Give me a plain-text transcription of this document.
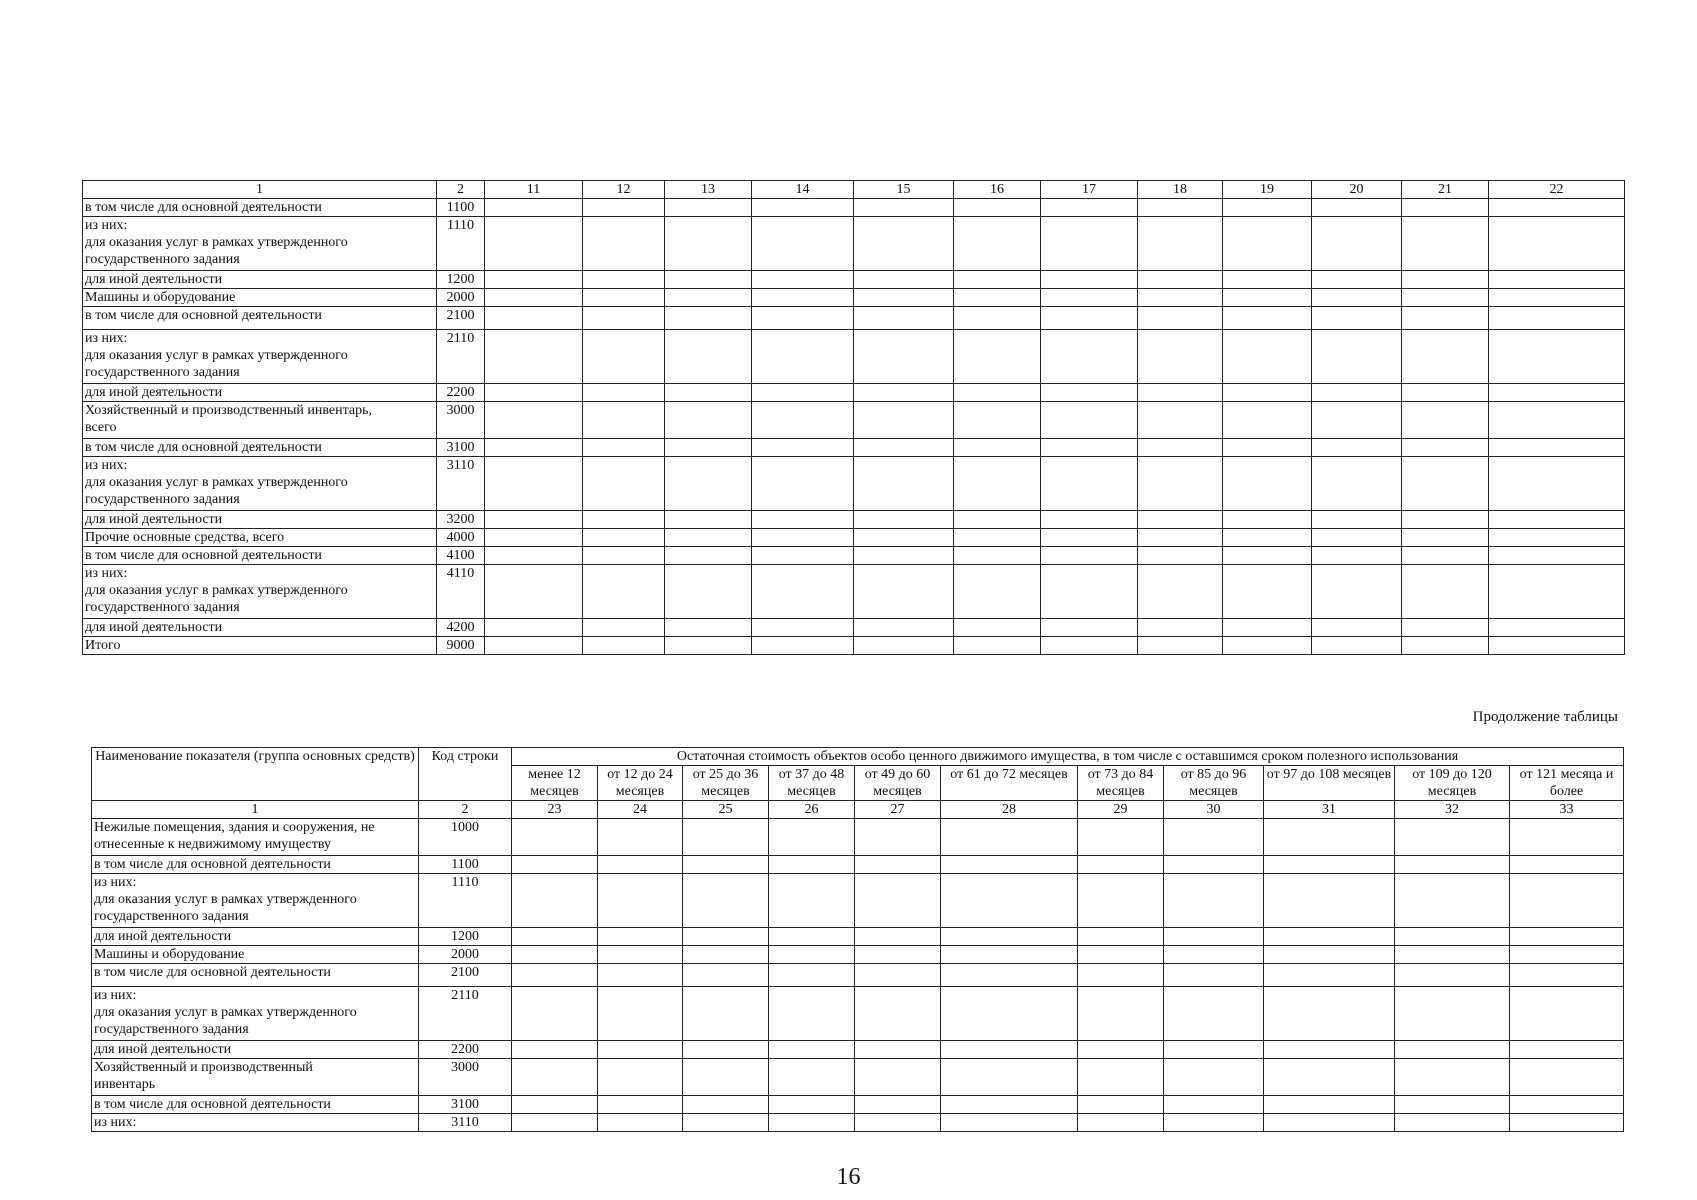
1	2	11	12	13	14	15	16	17	18	19	20	21	22
в том числе для основной деятельности	1100												
из них:
для оказания услуг в рамках утвержденного
государственного задания	1110												
для иной деятельности	1200												
Машины и оборудование	2000												
в том числе для основной деятельности	2100												
из них:
для оказания услуг в рамках утвержденного
государственного задания	2110												
для иной деятельности	2200												
Хозяйственный и производственный инвентарь,
всего	3000												
в том числе для основной деятельности	3100												
из них:
для оказания услуг в рамках утвержденного
государственного задания	3110												
для иной деятельности	3200												
Прочие основные средства, всего	4000												
в том числе для основной деятельности	4100												
из них:
для оказания услуг в рамках утвержденного
государственного задания	4110												
для иной деятельности	4200												
Итого	9000												
Продолжение таблицы
Наименование показателя (группа основных средств)	Код строки	Остаточная стоимость объектов особо ценного движимого имущества, в том числе с оставшимся сроком полезного использования										
		менее 12 месяцев	от 12 до 24 месяцев	от 25 до 36 месяцев	от 37 до 48 месяцев	от 49 до 60 месяцев	от 61 до 72 месяцев	от 73 до 84 месяцев	от 85 до 96 месяцев	от 97 до 108 месяцев	от 109 до 120 месяцев	от 121 месяца и более
1	2	23	24	25	26	27	28	29	30	31	32	33
Нежилые помещения, здания и сооружения, не
отнесенные к недвижимому имуществу	1000											
в том числе для основной деятельности	1100											
из них:
для оказания услуг в рамках утвержденного
государственного задания	1110											
для иной деятельности	1200											
Машины и оборудование	2000											
в том числе для основной деятельности	2100											
из них:
для оказания услуг в рамках утвержденного
государственного задания	2110											
для иной деятельности	2200											
Хозяйственный и производственный
инвентарь	3000											
в том числе для основной деятельности	3100											
из них:	3110											
16
